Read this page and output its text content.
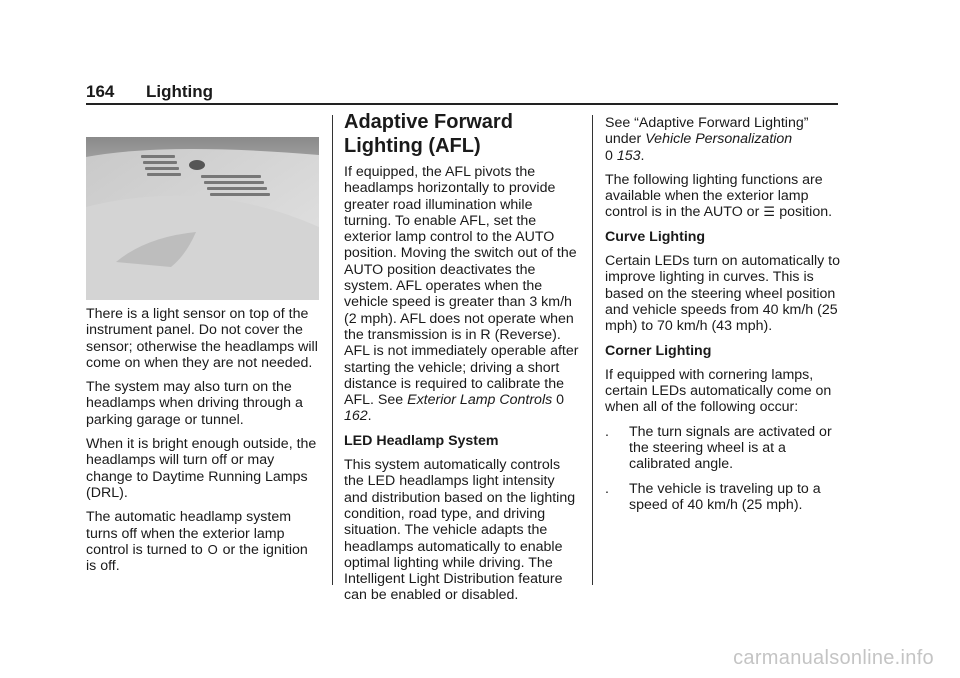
164 Lighting

There is a light sensor on top of the instrument panel. Do not cover the sensor; otherwise the headlamps will come on when they are not needed.

The system may also turn on the headlamps when driving through a parking garage or tunnel.

When it is bright enough outside, the headlamps will turn off or may change to Daytime Running Lamps (DRL).

The automatic headlamp system turns off when the exterior lamp control is turned to O or the ignition is off.

Adaptive Forward Lighting (AFL)

If equipped, the AFL pivots the headlamps horizontally to provide greater road illumination while turning. To enable AFL, set the exterior lamp control to the AUTO position. Moving the switch out of the AUTO position deactivates the system. AFL operates when the vehicle speed is greater than 3 km/h (2 mph). AFL does not operate when the transmission is in R (Reverse). AFL is not immediately operable after starting the vehicle; driving a short distance is required to calibrate the AFL. See Exterior Lamp Controls 0 162.

LED Headlamp System

This system automatically controls the LED headlamps light intensity and distribution based on the lighting condition, road type, and driving situation. The vehicle adapts the headlamps automatically to enable optimal lighting while driving. The Intelligent Light Distribution feature can be enabled or disabled.

See “Adaptive Forward Lighting” under Vehicle Personalization
0 153.

The following lighting functions are available when the exterior lamp control is in the AUTO or ☰ position.

Curve Lighting

Certain LEDs turn on automatically to improve lighting in curves. This is based on the steering wheel position and vehicle speeds from 40 km/h (25 mph) to 70 km/h (43 mph).

Corner Lighting

If equipped with cornering lamps, certain LEDs automatically come on when all of the following occur:

. The turn signals are activated or the steering wheel is at a calibrated angle.
. The vehicle is traveling up to a speed of 40 km/h (25 mph).
carmanualsonline.info
